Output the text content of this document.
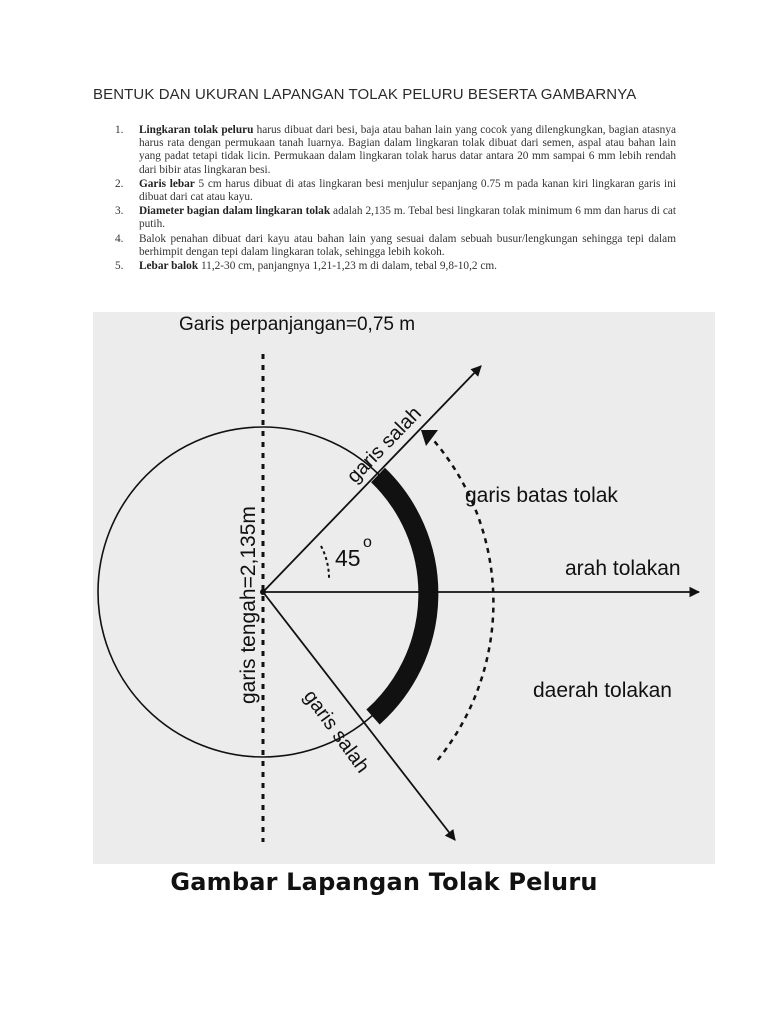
BENTUK DAN UKURAN LAPANGAN TOLAK PELURU BESERTA GAMBARNYA
1. Lingkaran tolak peluru harus dibuat dari besi, baja atau bahan lain yang cocok yang dilengkungkan, bagian atasnya harus rata dengan permukaan tanah luarnya. Bagian dalam lingkaran tolak dibuat dari semen, aspal atau bahan lain yang padat tetapi tidak licin. Permukaan dalam lingkaran tolak harus datar antara 20 mm sampai 6 mm lebih rendah dari bibir atas lingkaran besi.
2. Garis lebar 5 cm harus dibuat di atas lingkaran besi menjulur sepanjang 0.75 m pada kanan kiri lingkaran garis ini dibuat dari cat atau kayu.
3. Diameter bagian dalam lingkaran tolak adalah 2,135 m. Tebal besi lingkaran tolak minimum 6 mm dan harus di cat putih.
4. Balok penahan dibuat dari kayu atau bahan lain yang sesuai dalam sebuah busur/lengkungan sehingga tepi dalam berhimpit dengan tepi dalam lingkaran tolak, sehingga lebih kokoh.
5. Lebar balok 11,2-30 cm, panjangnya 1,21-1,23 m di dalam, tebal 9,8-10,2 cm.
Garis perpanjangan=0,75 m
garis tengah=2,135m
garis salah
garis salah
garis batas tolak
45
o
arah tolakan
daerah tolakan
Gambar Lapangan Tolak Peluru
